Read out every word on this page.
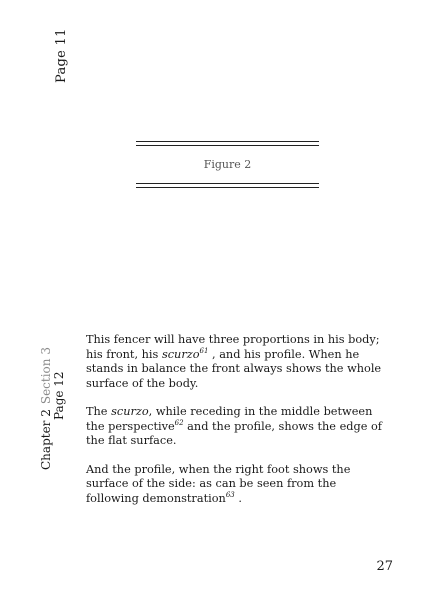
Page 11
Chapter 2Section 3 Page 12
Figure 2

This fencer will have three proportions in his body; his front, his scurzo$^{61}$ , and his profile. When he stands in balance the front always shows the whole surface of the body.

The scurzo, while receding in the middle between the perspective$^{62}$ and the profile, shows the edge of the flat surface.

And the profile, when the right foot shows the surface of the side: as can be seen from the following demonstration$^{63}$ .

27
